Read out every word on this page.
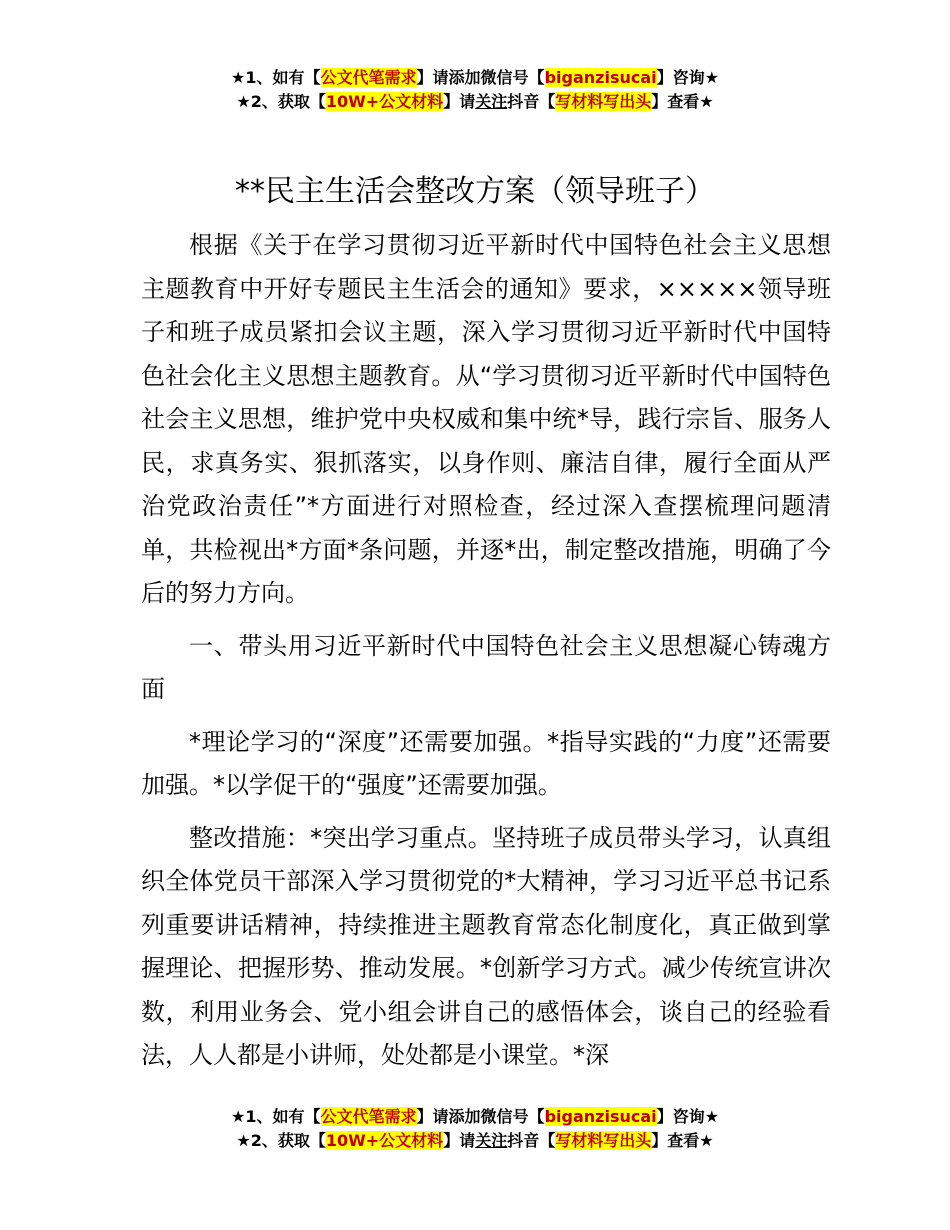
★1、如有【公文代笔需求】请添加微信号【biganzisucai】咨询★
★2、获取【10W+公文材料】请关注抖音【写材料写出头】查看★
**民主生活会整改方案（领导班子）

根据《关于在学习贯彻习近平新时代中国特色社会主义思想主题教育中开好专题民主生活会的通知》要求，×××××领导班子和班子成员紧扣会议主题，深入学习贯彻习近平新时代中国特色社会化主义思想主题教育。从“学习贯彻习近平新时代中国特色社会主义思想，维护党中央权威和集中统*导，践行宗旨、服务人民，求真务实、狠抓落实，以身作则、廉洁自律，履行全面从严治党政治责任”*方面进行对照检查，经过深入查摆梳理问题清单，共检视出*方面*条问题，并逐*出，制定整改措施，明确了今后的努力方向。

一、带头用习近平新时代中国特色社会主义思想凝心铸魂方面

*理论学习的“深度”还需要加强。*指导实践的“力度”还需要加强。*以学促干的“强度”还需要加强。

整改措施：*突出学习重点。坚持班子成员带头学习，认真组织全体党员干部深入学习贯彻党的*大精神，学习习近平总书记系列重要讲话精神，持续推进主题教育常态化制度化，真正做到掌握理论、把握形势、推动发展。*创新学习方式。减少传统宣讲次数，利用业务会、党小组会讲自己的感悟体会，谈自己的经验看法，人人都是小讲师，处处都是小课堂。*深

★1、如有【公文代笔需求】请添加微信号【biganzisucai】咨询★
★2、获取【10W+公文材料】请关注抖音【写材料写出头】查看★
